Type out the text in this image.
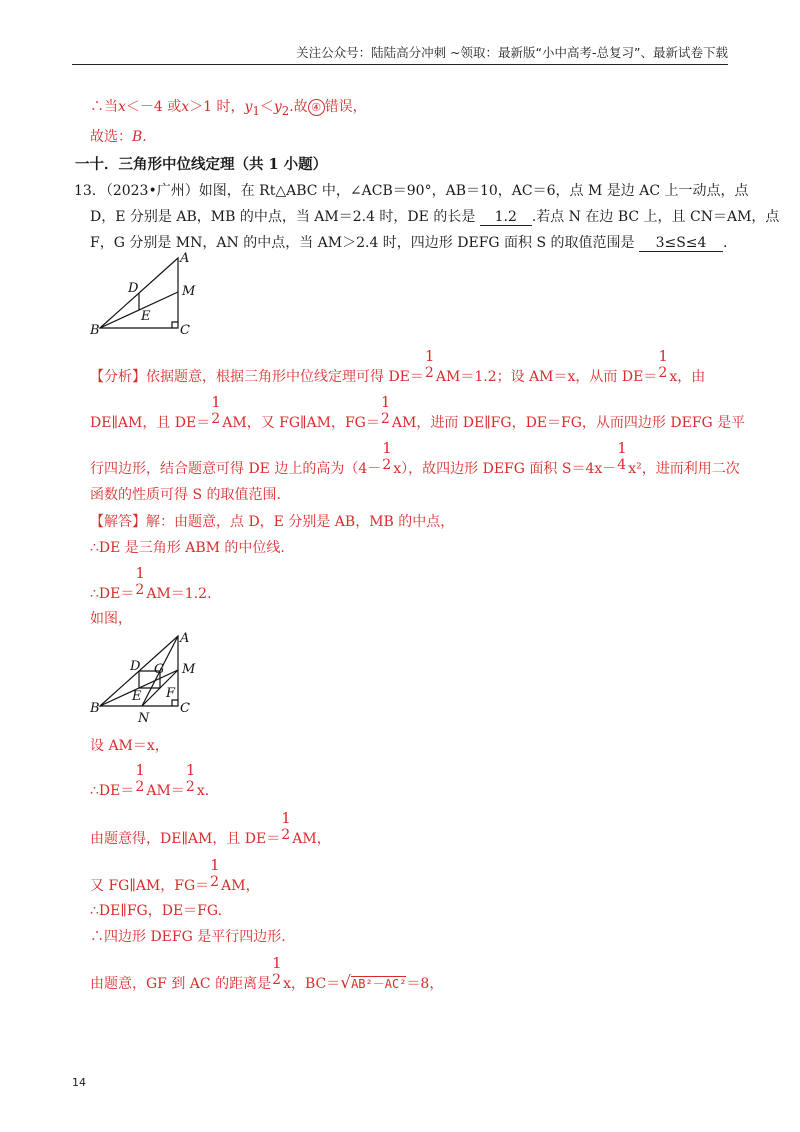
关注公众号：陆陆高分冲刺 ~领取：最新版“小中高考-总复习”、最新试卷下载
∴当x＜－4 或x＞1 时，$y_1<y_2$.故 ④ 错误，
故选：B.
一十．三角形中位线定理（共 1 小题）
13．（2023•广州）如图，在 Rt△ABC 中，∠ACB＝90°，AB＝10，AC＝6，点 M 是边 AC 上一动点，点
D，E 分别是 AB，MB 的中点，当 AM＝2.4 时，DE 的长是 1.2 .若点 N 在边 BC 上，且 CN＝AM，点
F，G 分别是 MN，AN 的中点，当 AM＞2.4 时，四边形 DEFG 面积 S 的取值范围是 3≤S≤4 .
A
M
D
E
B	C
【分析】依据题意，根据三角形中位线定理可得 DE＝
1
2 AM＝1.2；设 AM＝x，从而 DE＝
1
2 x，由
DE∥AM，且 DE＝
1
2 AM，又 FG∥AM，FG＝
1
2 AM，进而 DE∥FG，DE＝FG，从而四边形 DEFG 是平
行四边形，结合题意可得 DE 边上的高为（4－
1
2 x），故四边形 DEFG 面积 S＝4x－
1
4 x²，进而利用二次
函数的性质可得 S 的取值范围.
【解答】解：由题意，点 D，E 分别是 AB，MB 的中点，
∴DE 是三角形 ABM 的中位线.
∴DE＝
1
2 AM＝1.2.
如图，
A
M
D G
E F
B
N
C
设 AM＝x，
∴DE＝
1
2 AM＝
1
2 x.
由题意得，DE∥AM，且 DE＝
1
2 AM，
又 FG∥AM，FG＝
1
2 AM，
∴DE∥FG，DE＝FG.
∴四边形 DEFG 是平行四边形.
由题意，GF 到 AC 的距离是
1
2 x，BC＝√AB²－AC²＝8，
14
